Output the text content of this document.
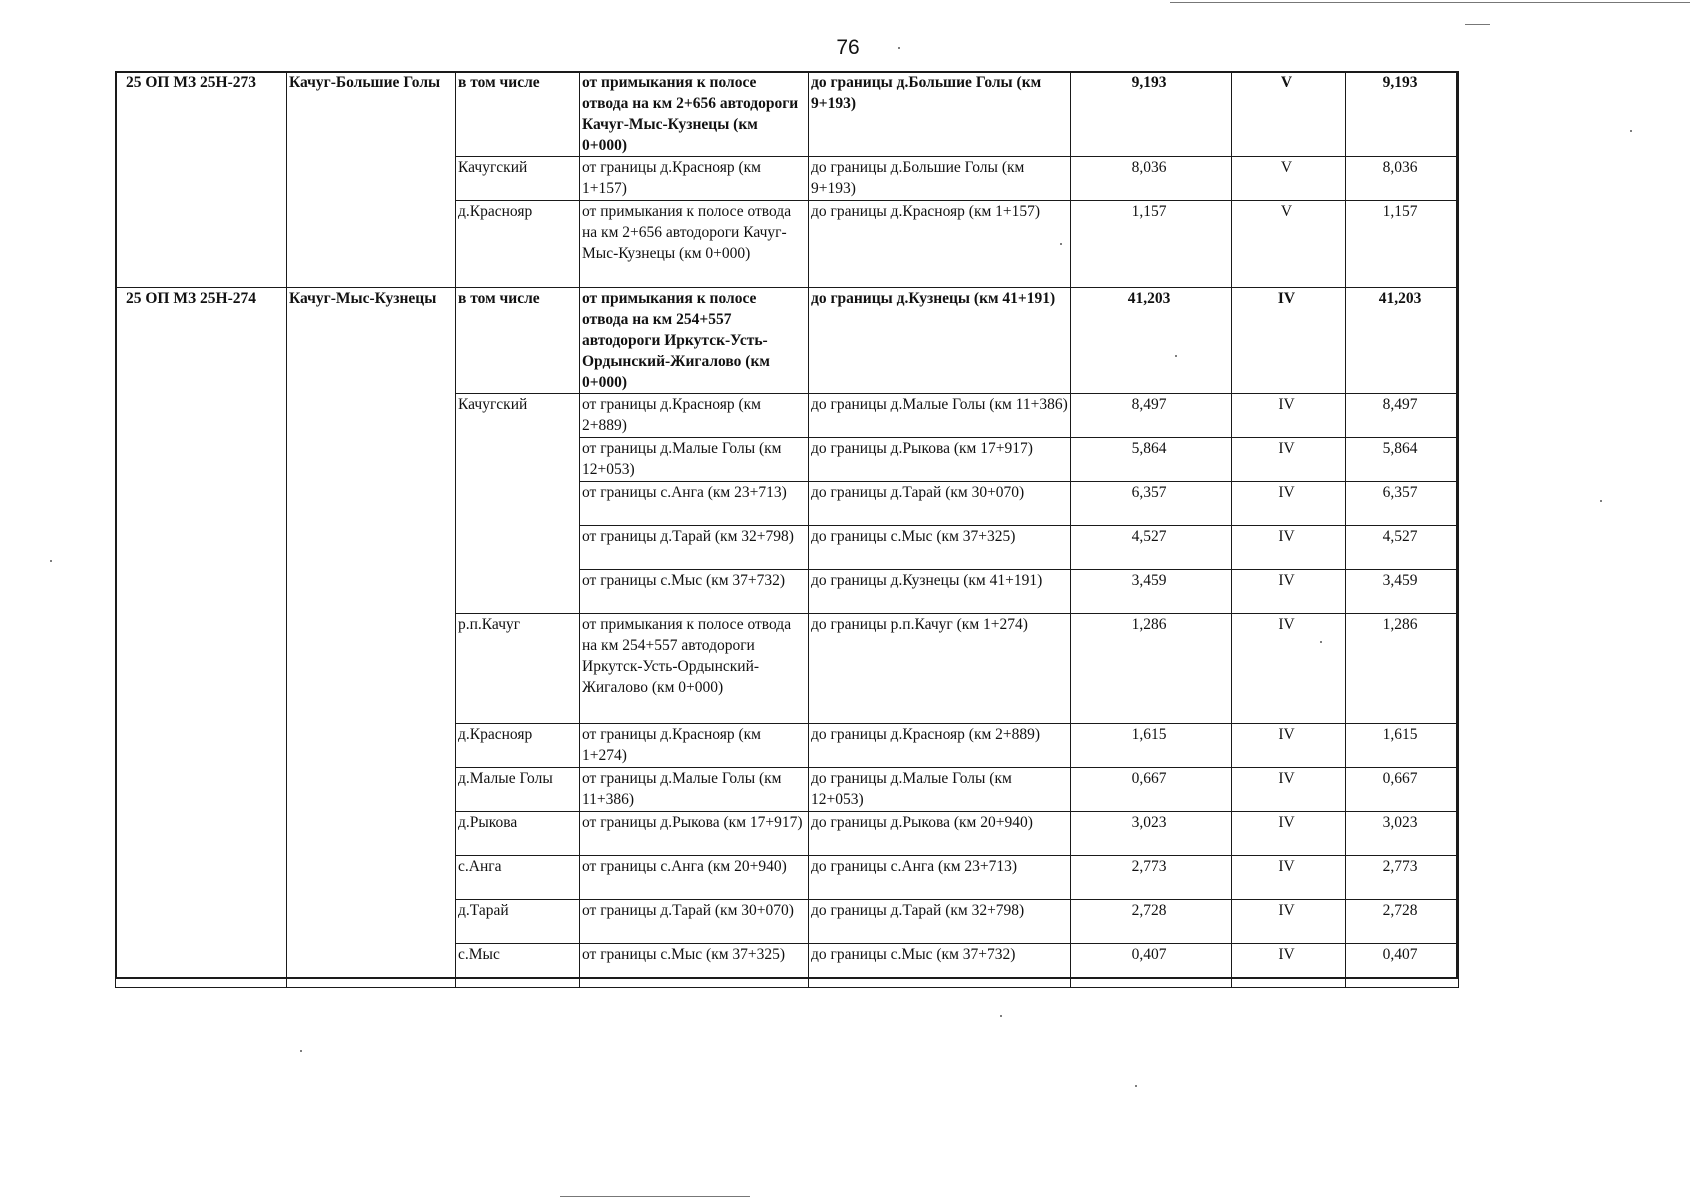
76
25 ОП МЗ 25Н-273	Качуг-Большие Голы	в том числе	от примыкания к полосе отвода на км 2+656 автодороги Качуг-Мыс-Кузнецы (км 0+000)	до границы д.Большие Голы (км 9+193)	9,193	V	9,193
		Качугский	от границы д.Краснояр (км 1+157)	до границы д.Большие Голы (км 9+193)	8,036	V	8,036
		д.Краснояр	от примыкания к полосе отвода на км 2+656 автодороги Качуг-Мыс-Кузнецы (км 0+000)	до границы д.Краснояр (км 1+157)	1,157	V	1,157
25 ОП МЗ 25Н-274	Качуг-Мыс-Кузнецы	в том числе	от примыкания к полосе отвода на км 254+557 автодороги Иркутск-Усть-Ордынский-Жигалово (км 0+000)	до границы д.Кузнецы (км 41+191)	41,203	IV	41,203
		Качугский	от границы д.Краснояр (км 2+889)	до границы д.Малые Голы (км 11+386)	8,497	IV	8,497
			от границы д.Малые Голы (км 12+053)	до границы д.Рыкова (км 17+917)	5,864	IV	5,864
			от границы с.Анга (км 23+713)	до границы д.Тарай (км 30+070)	6,357	IV	6,357
			от границы д.Тарай (км 32+798)	до границы с.Мыс (км 37+325)	4,527	IV	4,527
			от границы с.Мыс (км 37+732)	до границы д.Кузнецы (км 41+191)	3,459	IV	3,459
		р.п.Качуг	от примыкания к полосе отвода на км 254+557 автодороги Иркутск-Усть-Ордынский-Жигалово (км 0+000)	до границы р.п.Качуг (км 1+274)	1,286	IV	1,286
		д.Краснояр	от границы д.Краснояр (км 1+274)	до границы д.Краснояр (км 2+889)	1,615	IV	1,615
		д.Малые Голы	от границы д.Малые Голы (км 11+386)	до границы д.Малые Голы (км 12+053)	0,667	IV	0,667
		д.Рыкова	от границы д.Рыкова (км 17+917)	до границы д.Рыкова (км 20+940)	3,023	IV	3,023
		с.Анга	от границы с.Анга (км 20+940)	до границы с.Анга (км 23+713)	2,773	IV	2,773
		д.Тарай	от границы д.Тарай (км 30+070)	до границы д.Тарай (км 32+798)	2,728	IV	2,728
		с.Мыс	от границы с.Мыс (км 37+325)	до границы с.Мыс (км 37+732)	0,407	IV	0,407
